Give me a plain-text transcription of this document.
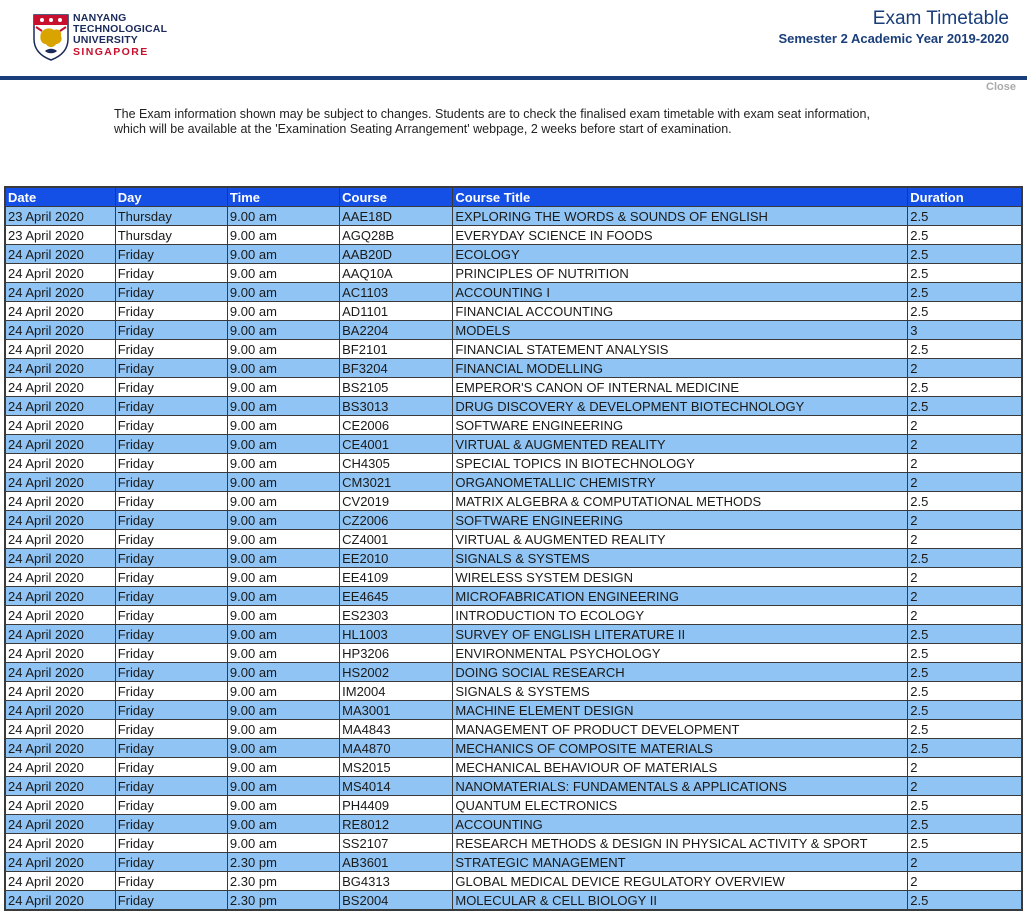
NANYANG
TECHNOLOGICAL
UNIVERSITY
SINGAPORE
Exam Timetable
Semester 2 Academic Year 2019-2020
Close
The Exam information shown may be subject to changes. Students are to check the finalised exam timetable with exam seat information,
which will be available at the 'Examination Seating Arrangement' webpage, 2 weeks before start of examination.
Date	Day	Time	Course	Course Title	Duration
23 April 2020	Thursday	9.00 am	AAE18D	EXPLORING THE WORDS & SOUNDS OF ENGLISH	2.5
23 April 2020	Thursday	9.00 am	AGQ28B	EVERYDAY SCIENCE IN FOODS	2.5
24 April 2020	Friday	9.00 am	AAB20D	ECOLOGY	2.5
24 April 2020	Friday	9.00 am	AAQ10A	PRINCIPLES OF NUTRITION	2.5
24 April 2020	Friday	9.00 am	AC1103	ACCOUNTING I	2.5
24 April 2020	Friday	9.00 am	AD1101	FINANCIAL ACCOUNTING	2.5
24 April 2020	Friday	9.00 am	BA2204	MODELS	3
24 April 2020	Friday	9.00 am	BF2101	FINANCIAL STATEMENT ANALYSIS	2.5
24 April 2020	Friday	9.00 am	BF3204	FINANCIAL MODELLING	2
24 April 2020	Friday	9.00 am	BS2105	EMPEROR'S CANON OF INTERNAL MEDICINE	2.5
24 April 2020	Friday	9.00 am	BS3013	DRUG DISCOVERY & DEVELOPMENT BIOTECHNOLOGY	2.5
24 April 2020	Friday	9.00 am	CE2006	SOFTWARE ENGINEERING	2
24 April 2020	Friday	9.00 am	CE4001	VIRTUAL & AUGMENTED REALITY	2
24 April 2020	Friday	9.00 am	CH4305	SPECIAL TOPICS IN BIOTECHNOLOGY	2
24 April 2020	Friday	9.00 am	CM3021	ORGANOMETALLIC CHEMISTRY	2
24 April 2020	Friday	9.00 am	CV2019	MATRIX ALGEBRA & COMPUTATIONAL METHODS	2.5
24 April 2020	Friday	9.00 am	CZ2006	SOFTWARE ENGINEERING	2
24 April 2020	Friday	9.00 am	CZ4001	VIRTUAL & AUGMENTED REALITY	2
24 April 2020	Friday	9.00 am	EE2010	SIGNALS & SYSTEMS	2.5
24 April 2020	Friday	9.00 am	EE4109	WIRELESS SYSTEM DESIGN	2
24 April 2020	Friday	9.00 am	EE4645	MICROFABRICATION ENGINEERING	2
24 April 2020	Friday	9.00 am	ES2303	INTRODUCTION TO ECOLOGY	2
24 April 2020	Friday	9.00 am	HL1003	SURVEY OF ENGLISH LITERATURE II	2.5
24 April 2020	Friday	9.00 am	HP3206	ENVIRONMENTAL PSYCHOLOGY	2.5
24 April 2020	Friday	9.00 am	HS2002	DOING SOCIAL RESEARCH	2.5
24 April 2020	Friday	9.00 am	IM2004	SIGNALS & SYSTEMS	2.5
24 April 2020	Friday	9.00 am	MA3001	MACHINE ELEMENT DESIGN	2.5
24 April 2020	Friday	9.00 am	MA4843	MANAGEMENT OF PRODUCT DEVELOPMENT	2.5
24 April 2020	Friday	9.00 am	MA4870	MECHANICS OF COMPOSITE MATERIALS	2.5
24 April 2020	Friday	9.00 am	MS2015	MECHANICAL BEHAVIOUR OF MATERIALS	2
24 April 2020	Friday	9.00 am	MS4014	NANOMATERIALS: FUNDAMENTALS & APPLICATIONS	2
24 April 2020	Friday	9.00 am	PH4409	QUANTUM ELECTRONICS	2.5
24 April 2020	Friday	9.00 am	RE8012	ACCOUNTING	2.5
24 April 2020	Friday	9.00 am	SS2107	RESEARCH METHODS & DESIGN IN PHYSICAL ACTIVITY & SPORT	2.5
24 April 2020	Friday	2.30 pm	AB3601	STRATEGIC MANAGEMENT	2
24 April 2020	Friday	2.30 pm	BG4313	GLOBAL MEDICAL DEVICE REGULATORY OVERVIEW	2
24 April 2020	Friday	2.30 pm	BS2004	MOLECULAR & CELL BIOLOGY II	2.5
